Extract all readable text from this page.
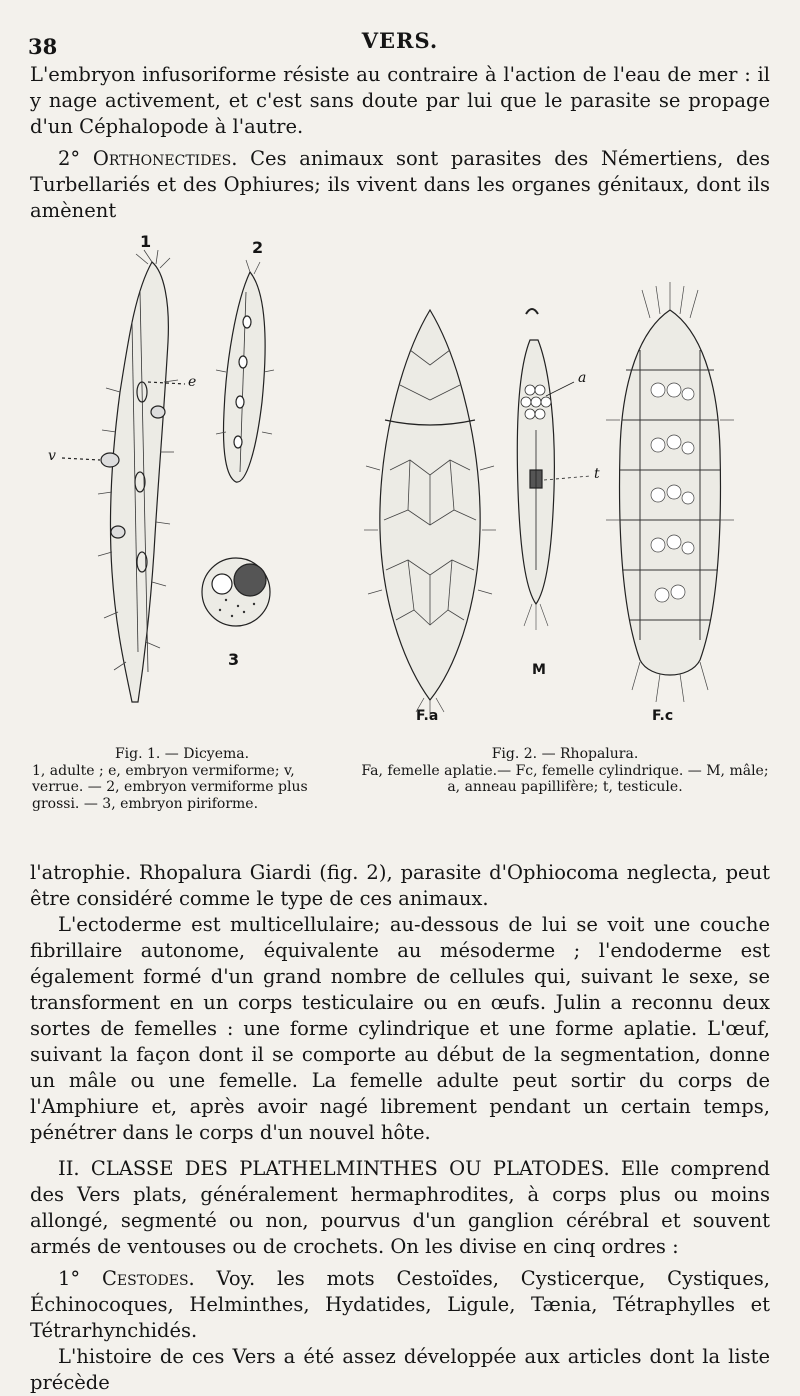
38	VERS.

L'embryon infusoriforme résiste au contraire à l'action de l'eau de mer : il y nage activement, et c'est sans doute par lui que le parasite se propage d'un Céphalopode à l'autre.

2° Orthonectides. Ces animaux sont parasites des Némertiens, des Turbellariés et des Ophiures; ils vivent dans les organes génitaux, dont ils amènent

1	2
3
e
v
F.a	F.c
M
a
t
Fig. 1. — Dicyema.
1, adulte ; e, embryon vermiforme; v, verrue. — 2, embryon vermiforme plus grossi. — 3, embryon piriforme.
Fig. 2. — Rhopalura.
Fa, femelle aplatie.— Fc, femelle cylindrique. — M, mâle; a, anneau papillifère; t, testicule.

l'atrophie. Rhopalura Giardi (fig. 2), parasite d'Ophiocoma neglecta, peut être considéré comme le type de ces animaux.

L'ectoderme est multicellulaire; au-dessous de lui se voit une couche fibrillaire autonome, équivalente au mésoderme ; l'endoderme est également formé d'un grand nombre de cellules qui, suivant le sexe, se transforment en un corps testiculaire ou en œufs. Julin a reconnu deux sortes de femelles : une forme cylindrique et une forme aplatie. L'œuf, suivant la façon dont il se comporte au début de la segmentation, donne un mâle ou une femelle. La femelle adulte peut sortir du corps de l'Amphiure et, après avoir nagé librement pendant un certain temps, pénétrer dans le corps d'un nouvel hôte.

II. CLASSE DES PLATHELMINTHES OU PLATODES. Elle comprend des Vers plats, généralement hermaphrodites, à corps plus ou moins allongé, segmenté ou non, pourvus d'un ganglion cérébral et souvent armés de ventouses ou de crochets. On les divise en cinq ordres :

1° Cestodes. Voy. les mots Cestoïdes, Cysticerque, Cystiques, Échinocoques, Helminthes, Hydatides, Ligule, Tænia, Tétraphylles et Tétrarhynchidés.

L'histoire de ces Vers a été assez développée aux articles dont la liste précède
